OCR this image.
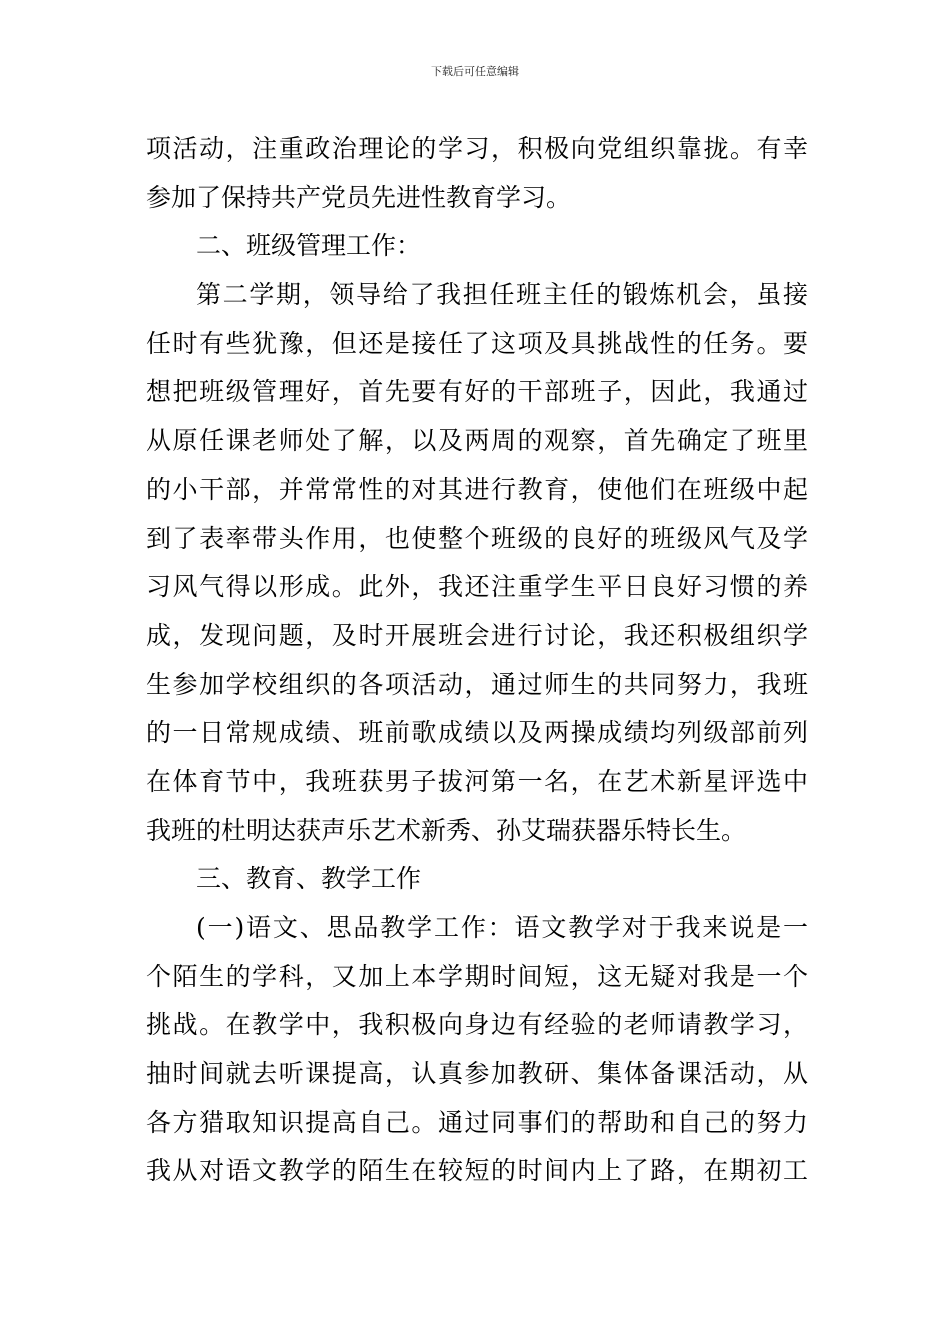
下载后可任意编辑
项活动，注重政治理论的学习，积极向党组织靠拢。有幸
参加了保持共产党员先进性教育学习。
二、班级管理工作：
第二学期，领导给了我担任班主任的锻炼机会，虽接
任时有些犹豫，但还是接任了这项及具挑战性的任务。要
想把班级管理好，首先要有好的干部班子，因此，我通过
从原任课老师处了解，以及两周的观察，首先确定了班里
的小干部，并常常性的对其进行教育，使他们在班级中起
到了表率带头作用，也使整个班级的良好的班级风气及学
习风气得以形成。此外，我还注重学生平日良好习惯的养
成，发现问题，及时开展班会进行讨论，我还积极组织学
生参加学校组织的各项活动，通过师生的共同努力，我班
的一日常规成绩、班前歌成绩以及两操成绩均列级部前列
在体育节中，我班获男子拔河第一名，在艺术新星评选中
我班的杜明达获声乐艺术新秀、孙艾瑞获器乐特长生。
三、教育、教学工作
(一)语文、思品教学工作：语文教学对于我来说是一
个陌生的学科，又加上本学期时间短，这无疑对我是一个
挑战。在教学中，我积极向身边有经验的老师请教学习，
抽时间就去听课提高，认真参加教研、集体备课活动，从
各方猎取知识提高自己。通过同事们的帮助和自己的努力
我从对语文教学的陌生在较短的时间内上了路，在期初工
